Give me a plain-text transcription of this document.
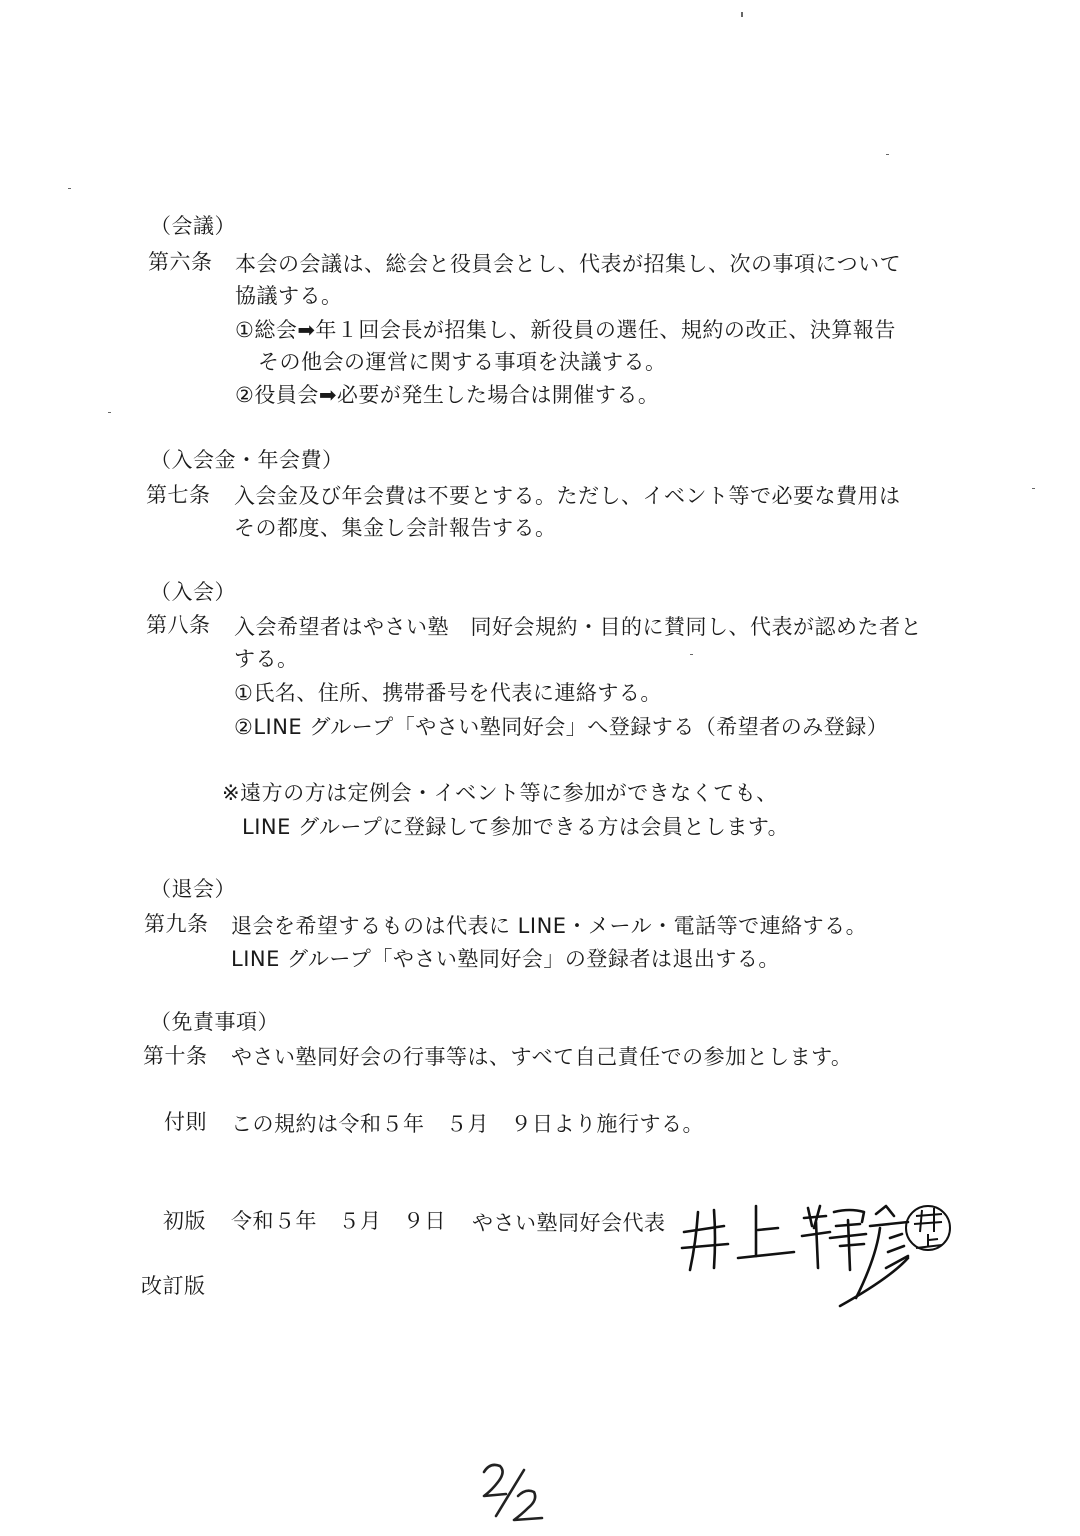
（会議）
第六条 本会の会議は、総会と役員会とし、代表が招集し、次の事項について
協議する。
①総会➡年１回会長が招集し、新役員の選任、規約の改正、決算報告
その他会の運営に関する事項を決議する。
②役員会➡必要が発生した場合は開催する。
（入会金・年会費）
第七条 入会金及び年会費は不要とする。ただし、イベント等で必要な費用は
その都度、集金し会計報告する。
（入会）
第八条 入会希望者はやさい塾　同好会規約・目的に賛同し、代表が認めた者と
する。
①氏名、住所、携帯番号を代表に連絡する。
②LINE グループ「やさい塾同好会」へ登録する（希望者のみ登録）
※遠方の方は定例会・イベント等に参加ができなくても、
LINE グループに登録して参加できる方は会員とします。
（退会）
第九条 退会を希望するものは代表に LINE・メール・電話等で連絡する。
LINE グループ「やさい塾同好会」の登録者は退出する。
（免責事項）
第十条 やさい塾同好会の行事等は、すべて自己責任での参加とします。
付則 この規約は令和５年　５月　９日より施行する。
初版 令和５年　５月　９日 やさい塾同好会代表
改訂版
